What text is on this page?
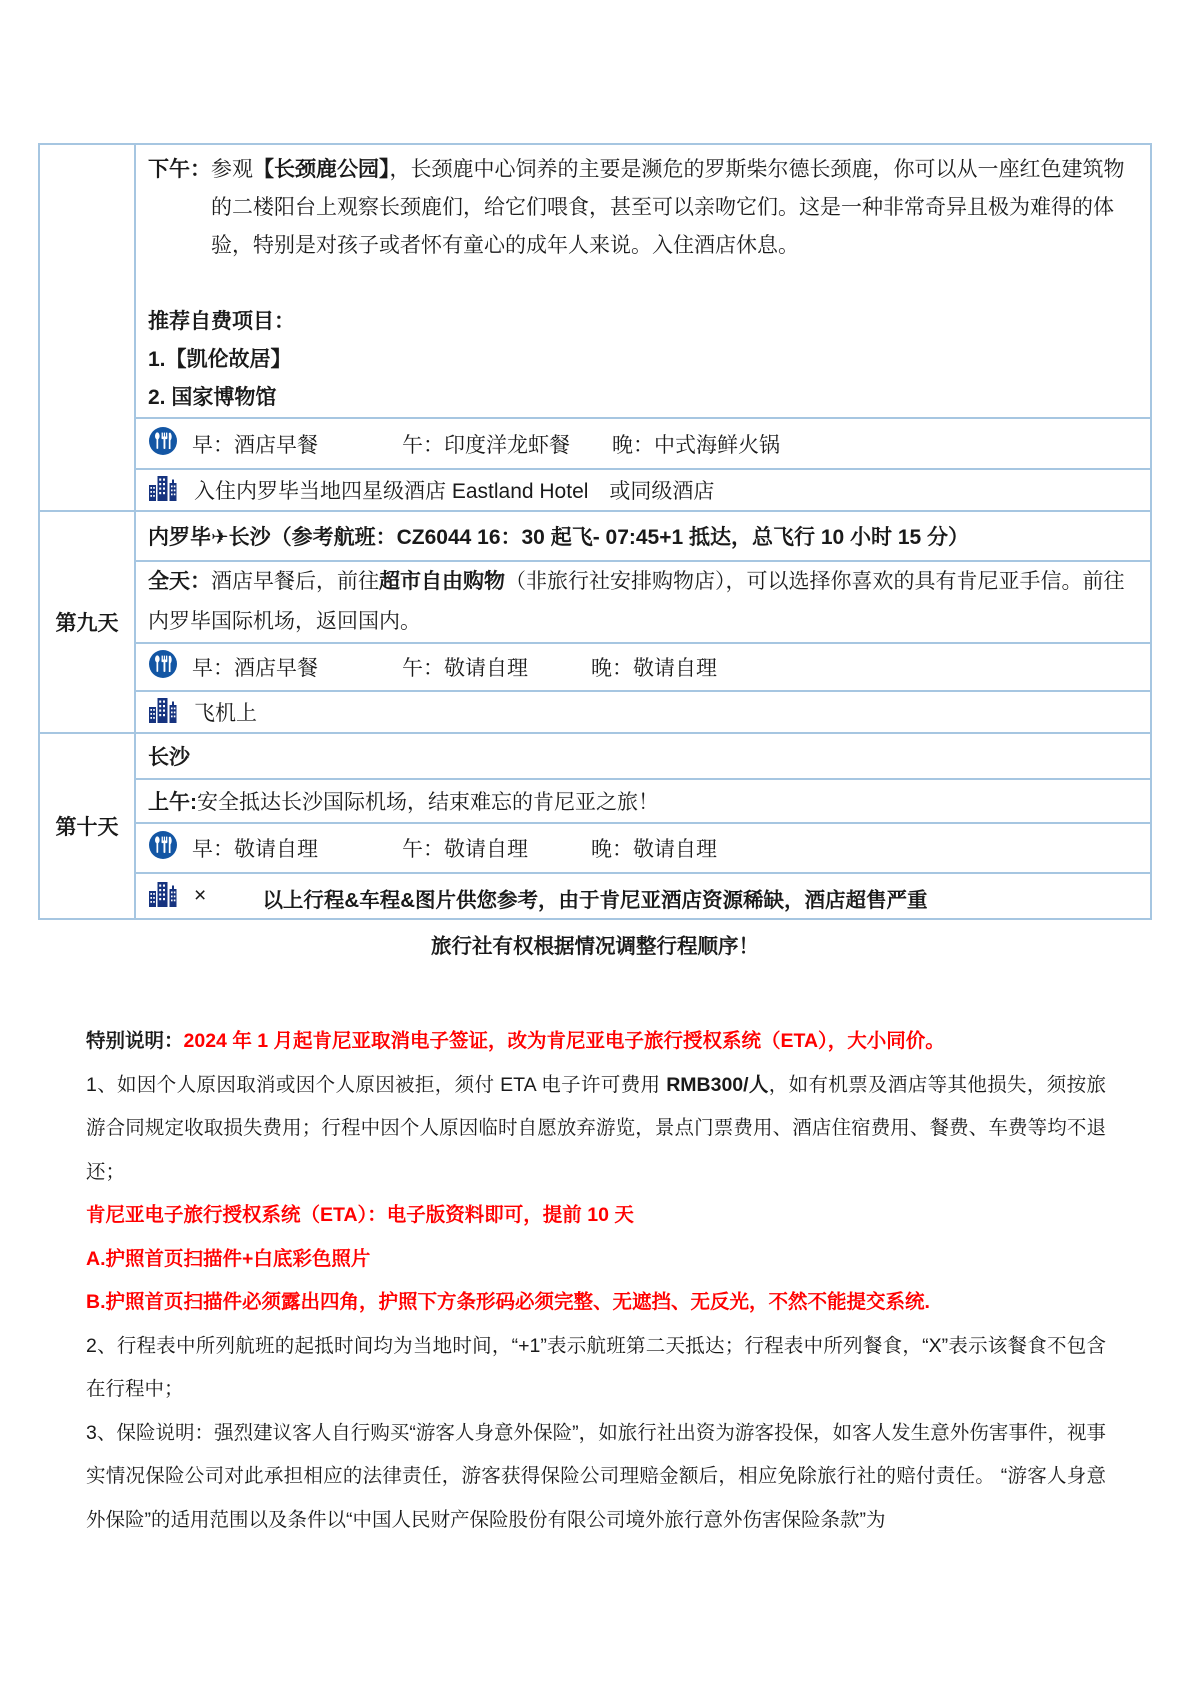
	下午：参观【长颈鹿公园】，长颈鹿中心饲养的主要是濒危的罗斯柴尔德长颈鹿，你可以从一座红色建筑物的二楼阳台上观察长颈鹿们，给它们喂食，甚至可以亲吻它们。这是一种非常奇异且极为难得的体验，特别是对孩子或者怀有童心的成年人来说。入住酒店休息。
推荐自费项目：
1.【凯伦故居】
2. 国家博物馆

	早：酒店早餐　　　　午：印度洋龙虾餐　　晚：中式海鲜火锅

	入住内罗毕当地四星级酒店 Eastland Hotel　或同级酒店

第九天	内罗毕✈长沙（参考航班：CZ6044 16：30 起飞- 07:45+1 抵达，总飞行 10 小时 15 分）

	全天：酒店早餐后，前往超市自由购物（非旅行社安排购物店），可以选择你喜欢的具有肯尼亚手信。前往内罗毕国际机场，返回国内。

	早：酒店早餐　　　　午：敬请自理　　　晚：敬请自理

	飞机上

第十天	长沙

	上午:安全抵达长沙国际机场，结束难忘的肯尼亚之旅！

	早：敬请自理　　　　午：敬请自理　　　晚：敬请自理

	×	以上行程&车程&图片供您参考，由于肯尼亚酒店资源稀缺，酒店超售严重
旅行社有权根据情况调整行程顺序！

特别说明：2024 年 1 月起肯尼亚取消电子签证，改为肯尼亚电子旅行授权系统（ETA），大小同价。

1、如因个人原因取消或因个人原因被拒，须付 ETA 电子许可费用 RMB300/人，如有机票及酒店等其他损失，须按旅游合同规定收取损失费用；行程中因个人原因临时自愿放弃游览，景点门票费用、酒店住宿费用、餐费、车费等均不退还；

肯尼亚电子旅行授权系统（ETA）：电子版资料即可，提前 10 天

A.护照首页扫描件+白底彩色照片

B.护照首页扫描件必须露出四角，护照下方条形码必须完整、无遮挡、无反光，不然不能提交系统.

2、行程表中所列航班的起抵时间均为当地时间，“+1”表示航班第二天抵达；行程表中所列餐食，“X”表示该餐食不包含在行程中；

3、保险说明：强烈建议客人自行购买“游客人身意外保险”，如旅行社出资为游客投保，如客人发生意外伤害事件，视事实情况保险公司对此承担相应的法律责任，游客获得保险公司理赔金额后，相应免除旅行社的赔付责任。 “游客人身意外保险”的适用范围以及条件以“中国人民财产保险股份有限公司境外旅行意外伤害保险条款”为
